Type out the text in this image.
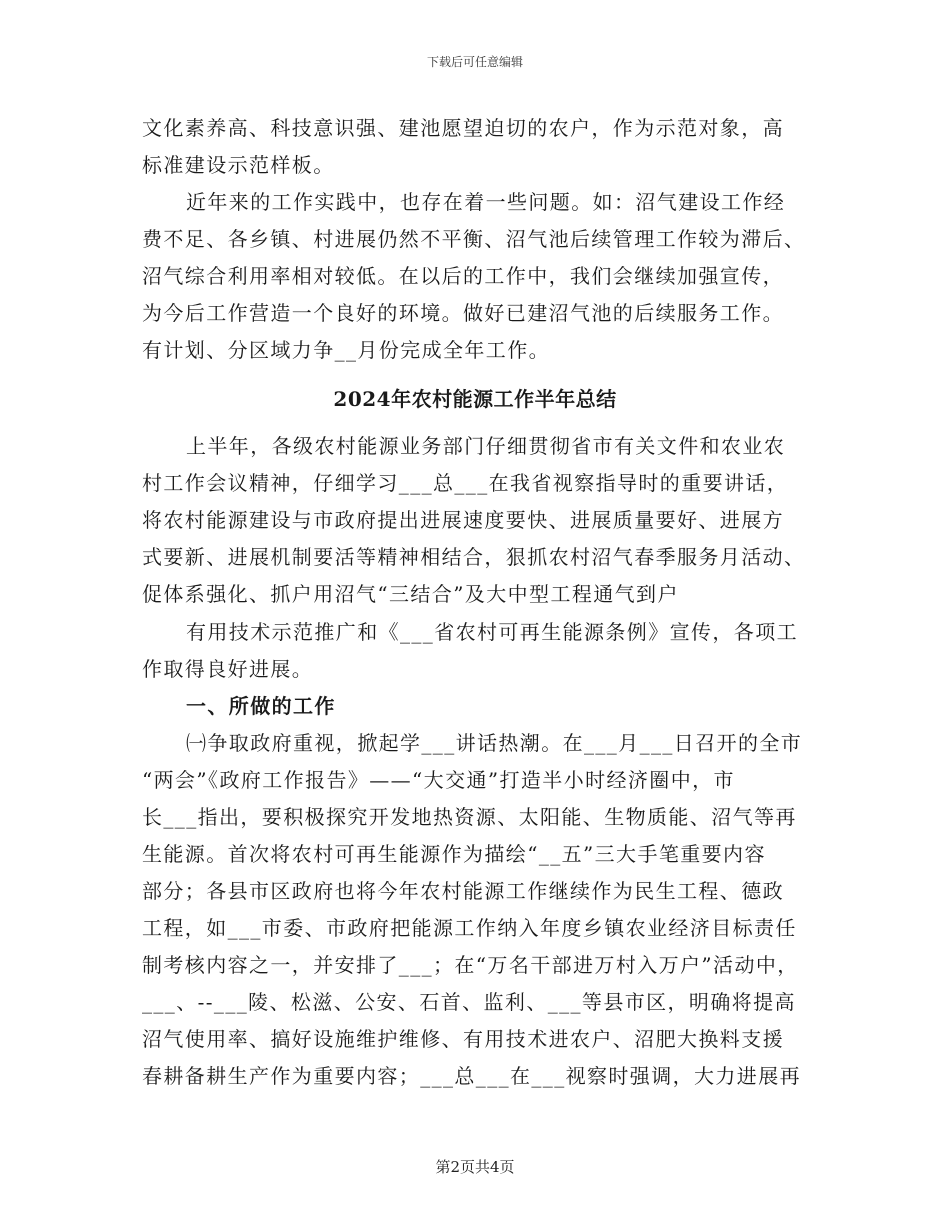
下载后可任意编辑
文化素养高、科技意识强、建池愿望迫切的农户，作为示范对象，高
标准建设示范样板。
近年来的工作实践中，也存在着一些问题。如：沼气建设工作经
费不足、各乡镇、村进展仍然不平衡、沼气池后续管理工作较为滞后、
沼气综合利用率相对较低。在以后的工作中，我们会继续加强宣传，
为今后工作营造一个良好的环境。做好已建沼气池的后续服务工作。
有计划、分区域力争__月份完成全年工作。
2024年农村能源工作半年总结
上半年，各级农村能源业务部门仔细贯彻省市有关文件和农业农
村工作会议精神，仔细学习___总___在我省视察指导时的重要讲话，
将农村能源建设与市政府提出进展速度要快、进展质量要好、进展方
式要新、进展机制要活等精神相结合，狠抓农村沼气春季服务月活动、
促体系强化、抓户用沼气“三结合”及大中型工程通气到户
有用技术示范推广和《___省农村可再生能源条例》宣传，各项工
作取得良好进展。
一、所做的工作
㈠争取政府重视，掀起学___讲话热潮。在___月___日召开的全市
“两会”《政府工作报告》——“大交通”打造半小时经济圈中，市
长___指出，要积极探究开发地热资源、太阳能、生物质能、沼气等再
生能源。首次将农村可再生能源作为描绘“__五”三大手笔重要内容
部分；各县市区政府也将今年农村能源工作继续作为民生工程、德政
工程，如___市委、市政府把能源工作纳入年度乡镇农业经济目标责任
制考核内容之一，并安排了___；在“万名干部进万村入万户”活动中，
___、--___陵、松滋、公安、石首、监利、___等县市区，明确将提高
沼气使用率、搞好设施维护维修、有用技术进农户、沼肥大换料支援
春耕备耕生产作为重要内容；___总___在___视察时强调，大力进展再
第2页共4页
